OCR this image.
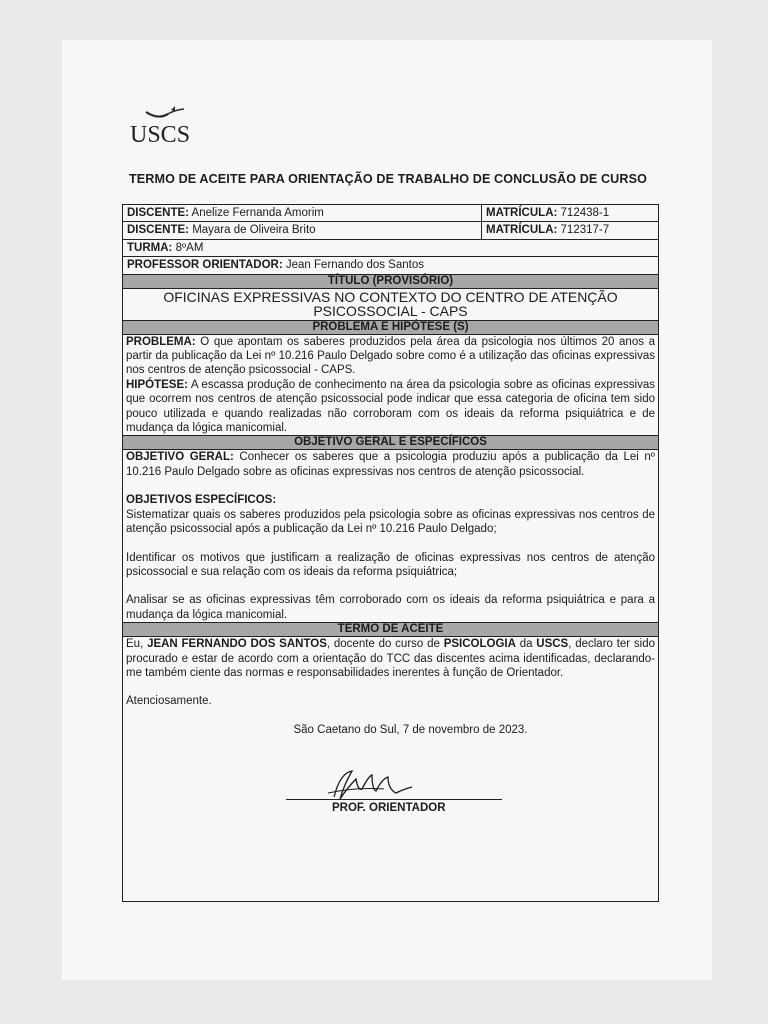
USCS
TERMO DE ACEITE PARA ORIENTAÇÃO DE TRABALHO DE CONCLUSÃO DE CURSO
DISCENTE: Anelize Fernanda Amorim	MATRÍCULA: 712438-1
DISCENTE: Mayara de Oliveira Brito	MATRÍCULA: 712317-7
TURMA: 8ºAM
PROFESSOR ORIENTADOR: Jean Fernando dos Santos
TÍTULO (PROVISÓRIO)
OFICINAS EXPRESSIVAS NO CONTEXTO DO CENTRO DE ATENÇÃO
PSICOSSOCIAL - CAPS
PROBLEMA E HIPÓTESE (S)

PROBLEMA: O que apontam os saberes produzidos pela área da psicologia nos últimos 20 anos a partir da publicação da Lei nº 10.216 Paulo Delgado sobre como é a utilização das oficinas expressivas nos centros de atenção psicossocial - CAPS.

HIPÓTESE: A escassa produção de conhecimento na área da psicologia sobre as oficinas expressivas que ocorrem nos centros de atenção psicossocial pode indicar que essa categoria de oficina tem sido pouco utilizada e quando realizadas não corroboram com os ideais da reforma psiquiátrica e de mudança da lógica manicomial.

OBJETIVO GERAL E ESPECÍFICOS

OBJETIVO GERAL: Conhecer os saberes que a psicologia produziu após a publicação da Lei nº 10.216 Paulo Delgado sobre as oficinas expressivas nos centros de atenção psicossocial.

OBJETIVOS ESPECÍFICOS:

Sistematizar quais os saberes produzidos pela psicologia sobre as oficinas expressivas nos centros de atenção psicossocial após a publicação da Lei nº 10.216 Paulo Delgado;

Identificar os motivos que justificam a realização de oficinas expressivas nos centros de atenção psicossocial e sua relação com os ideais da reforma psiquiátrica;

Analisar se as oficinas expressivas têm corroborado com os ideais da reforma psiquiátrica e para a mudança da lógica manicomial.

TERMO DE ACEITE

Eu, JEAN FERNANDO DOS SANTOS, docente do curso de PSICOLOGIA da USCS, declaro ter sido procurado e estar de acordo com a orientação do TCC das discentes acima identificadas, declarando-me também ciente das normas e responsabilidades inerentes à função de Orientador.

Atenciosamente.

São Caetano do Sul, 7 de novembro de 2023.

PROF. ORIENTADOR
